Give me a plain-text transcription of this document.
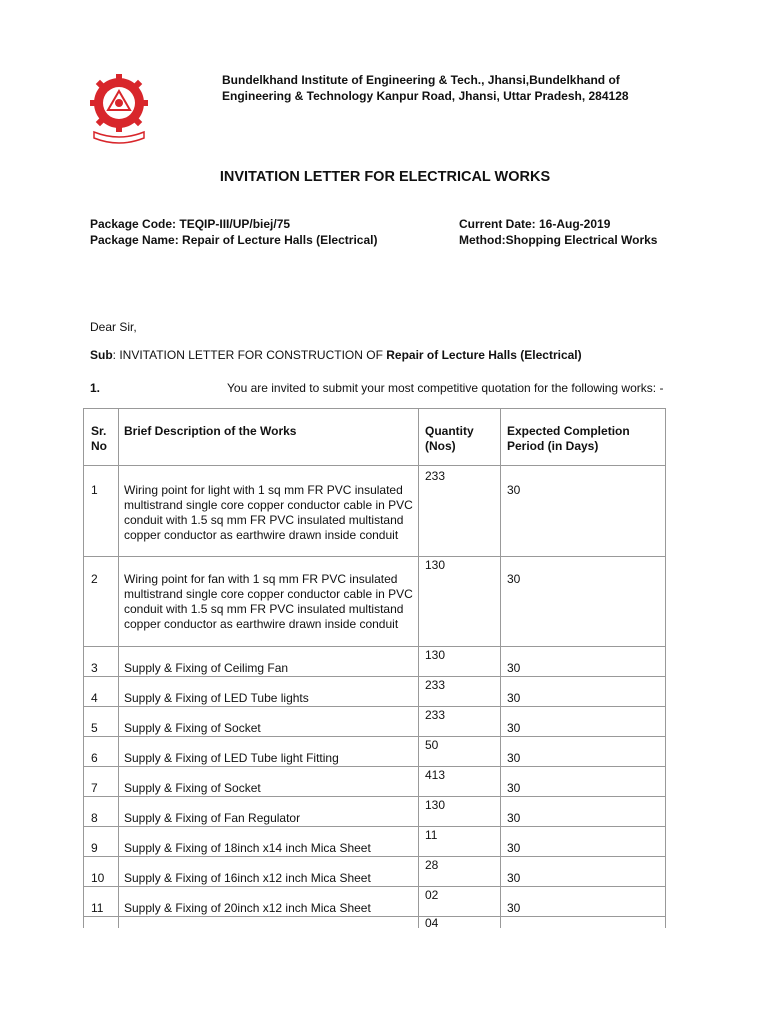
Bundelkhand Institute of Engineering & Tech., Jhansi,Bundelkhand of Engineering & Technology Kanpur Road, Jhansi, Uttar Pradesh, 284128
INVITATION LETTER FOR ELECTRICAL WORKS
Package Code: TEQIP-III/UP/biej/75
Package Name: Repair of Lecture Halls (Electrical)
Current Date: 16-Aug-2019
Method:Shopping Electrical Works
Dear Sir,
Sub: INVITATION LETTER FOR CONSTRUCTION OF Repair of Lecture Halls (Electrical)
1.	You are invited to submit your most competitive quotation for the following works: -
Sr. No
Brief Description of the Works	Quantity (Nos)
Expected Completion Period (in Days)
1 Wiring point for light with 1 sq mm FR PVC insulated multistrand single core copper conductor cable in PVC conduit with 1.5 sq mm FR PVC insulated multistand copper conductor as earthwire drawn inside conduit
233
30
2 Wiring point for fan with 1 sq mm FR PVC insulated multistrand single core copper conductor cable in PVC conduit with 1.5 sq mm FR PVC insulated multistand copper conductor as earthwire drawn inside conduit
130
30
3 Supply & Fixing of Ceilimg Fan
130
30
4 Supply & Fixing of LED Tube lights
233
30
5 Supply & Fixing of Socket
233
30
6 Supply & Fixing of LED Tube light Fitting
50
30
7 Supply & Fixing of Socket
413
30
8 Supply & Fixing of Fan Regulator
130
30
9 Supply & Fixing of 18inch x14 inch Mica Sheet
11
30
10 Supply & Fixing of 16inch x12 inch Mica Sheet
28
30
11 Supply & Fixing of 20inch x12 inch Mica Sheet
02
30
04
